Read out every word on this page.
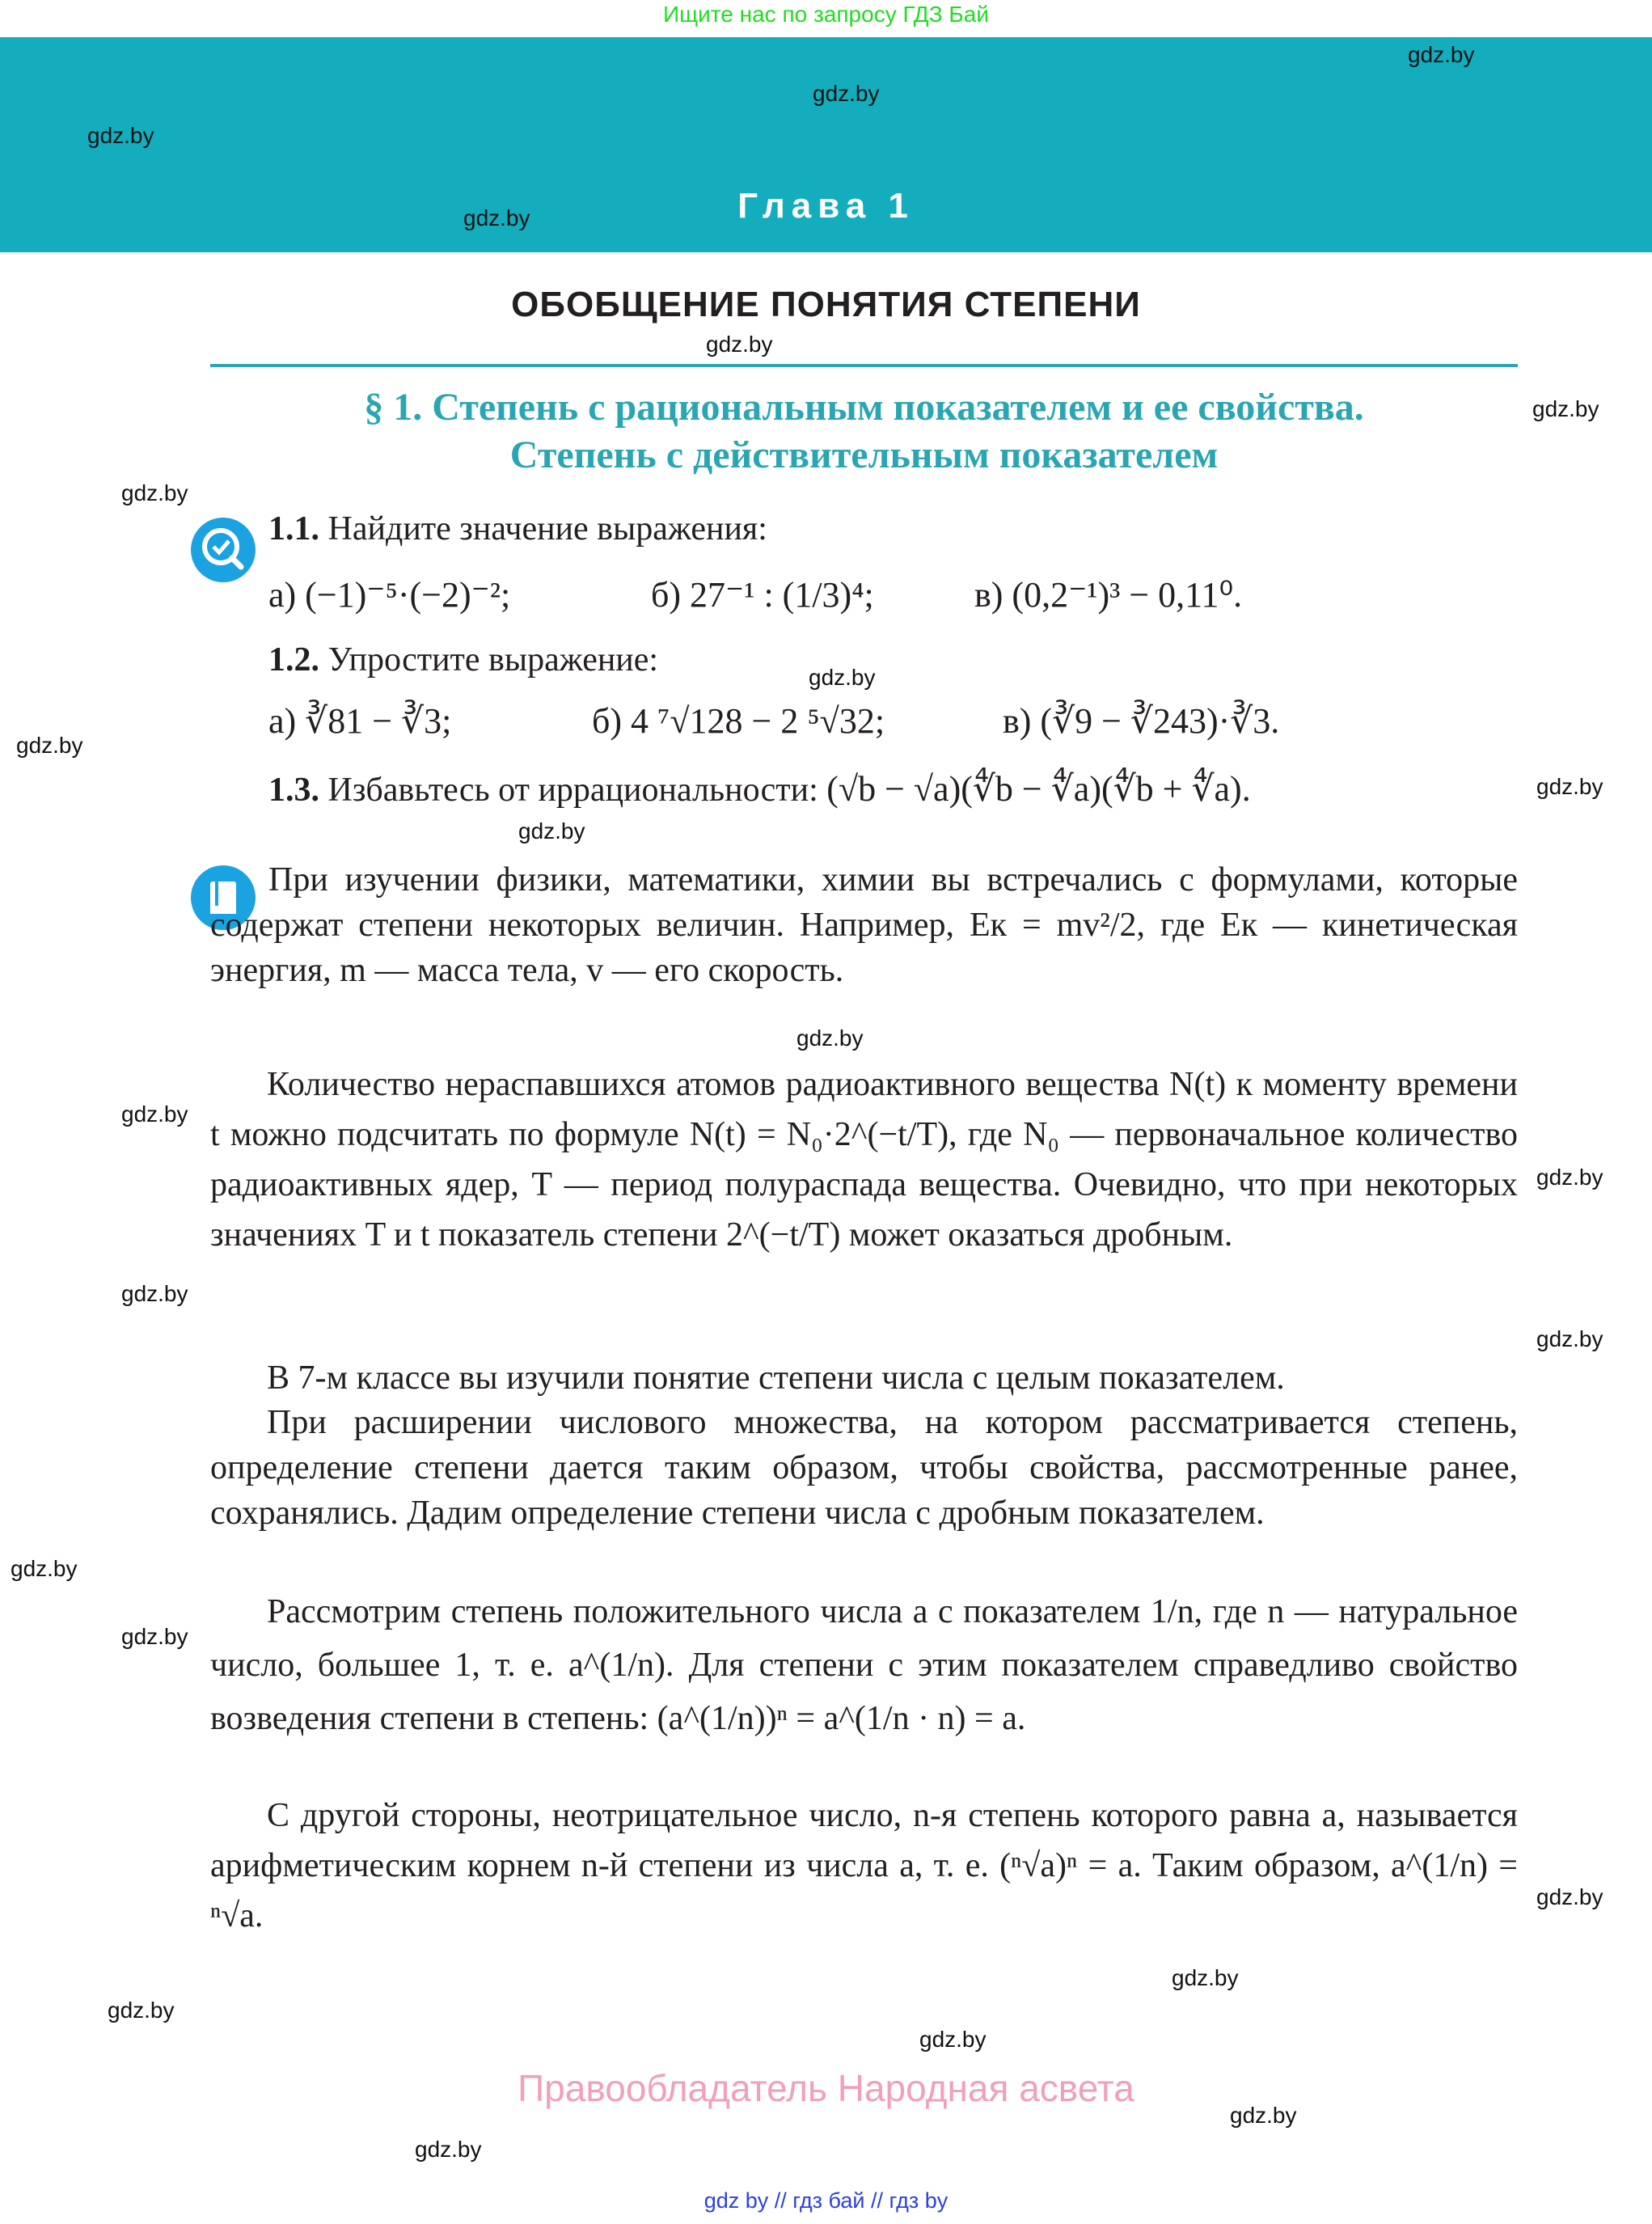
Ищите нас по запросу ГДЗ Бай
Глава 1
ОБОБЩЕНИЕ ПОНЯТИЯ СТЕПЕНИ
§ 1. Степень с рациональным показателем и ее свойства.
Степень с действительным показателем
1.1. Найдите значение выражения:
а) (−1)⁻⁵·(−2)⁻²;	б) 27⁻¹ : (1/3)⁴;	в) (0,2⁻¹)³ − 0,11⁰.
1.2. Упростите выражение:
а) ∛81 − ∛3;	б) 4 ⁷√128 − 2 ⁵√32;	в) (∛9 − ∛243)·∛3.
1.3. Избавьтесь от иррациональности: (√b − √a)(∜b − ∜a)(∜b + ∜a).
При изучении физики, математики, химии вы встречались с формулами, которые содержат степени некоторых величин. Например, Eк = mv²/2, где Eк — кинетическая энергия, m — масса тела, v — его скорость.
Количество нераспавшихся атомов радиоактивного вещества N(t) к моменту времени t можно подсчитать по формуле N(t) = N₀·2^(−t/T), где N₀ — первоначальное количество радиоактивных ядер, T — период полураспада вещества. Очевидно, что при некоторых значениях T и t показатель степени 2^(−t/T) может оказаться дробным.
В 7-м классе вы изучили понятие степени числа с целым показателем.
При расширении числового множества, на котором рассматривается степень, определение степени дается таким образом, чтобы свойства, рассмотренные ранее, сохранялись. Дадим определение степени числа с дробным показателем.
Рассмотрим степень положительного числа a с показателем 1/n, где n — натуральное число, большее 1, т. е. a^(1/n). Для степени с этим показателем справедливо свойство возведения степени в степень: (a^(1/n))ⁿ = a^(1/n · n) = a.
С другой стороны, неотрицательное число, n-я степень которого равна a, называется арифметическим корнем n-й степени из числа a, т. е. (ⁿ√a)ⁿ = a. Таким образом, a^(1/n) = ⁿ√a.
Правообладатель Народная асвета
gdz by // гдз бай // гдз by
gdz.by
gdz.by
gdz.by
gdz.by
gdz.by
gdz.by
gdz.by
gdz.by
gdz.by
gdz.by
gdz.by
gdz.by
gdz.by
gdz.by
gdz.by
gdz.by
gdz.by
gdz.by
gdz.by
gdz.by
gdz.by
gdz.by
gdz.by
gdz.by
